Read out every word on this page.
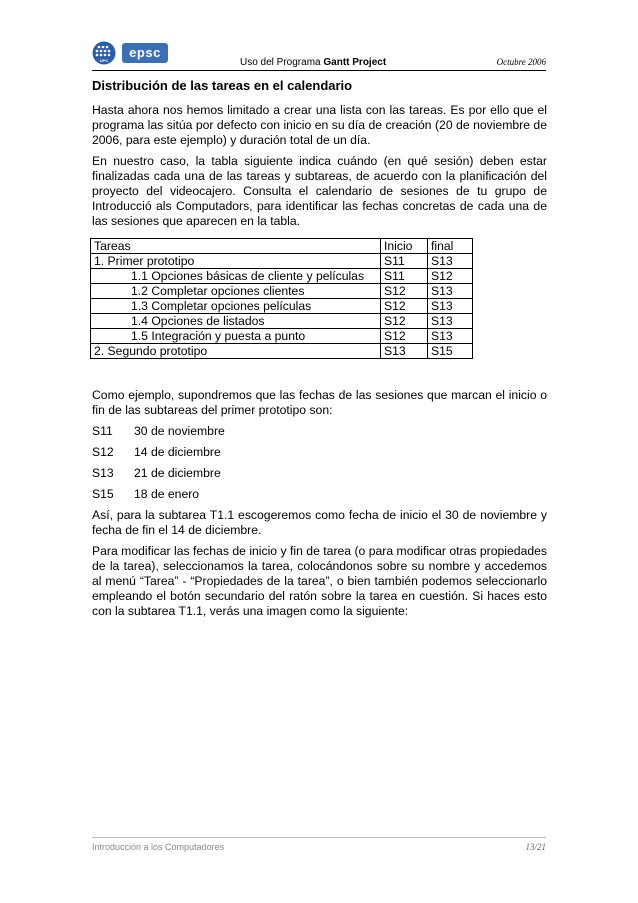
UPC
epsc
Uso del Programa Gantt Project	Octubre 2006
Distribución de las tareas en el calendario

Hasta ahora nos hemos limitado a crear una lista con las tareas. Es por ello que el programa las sitúa por defecto con inicio en su día de creación (20 de noviembre de 2006, para este ejemplo) y duración total de un día.

En nuestro caso, la tabla siguiente indica cuándo (en qué sesión) deben estar finalizadas cada una de las tareas y subtareas, de acuerdo con la planificación del proyecto del videocajero. Consulta el calendario de sesiones de tu grupo de Introducció als Computadors, para identificar las fechas concretas de cada una de las sesiones que aparecen en la tabla.

Tareas	Inicio	final
1. Primer prototipo	S11	S13
1.1 Opciones básicas de cliente y películas	S11	S12
1.2 Completar opciones clientes	S12	S13
1.3 Completar opciones películas	S12	S13
1.4 Opciones de listados	S12	S13
1.5 Integración y puesta a punto	S12	S13
2. Segundo prototipo	S13	S15

Como ejemplo, supondremos que las fechas de las sesiones que marcan el inicio o fin de las subtareas del primer prototipo son:

S11	30 de noviembre
S12	14 de diciembre
S13	21 de diciembre
S15	18 de enero

Así, para la subtarea T1.1 escogeremos como fecha de inicio el 30 de noviembre y fecha de fin el 14 de diciembre.

Para modificar las fechas de inicio y fin de tarea (o para modificar otras propiedades de la tarea), seleccionamos la tarea, colocándonos sobre su nombre y accedemos al menú “Tarea” - “Propiedades de la tarea”, o bien también podemos seleccionarlo empleando el botón secundario del ratón sobre la tarea en cuestión. Si haces esto con la subtarea T1.1, verás una imagen como la siguiente:

Introducción a los Computadores	13/21
